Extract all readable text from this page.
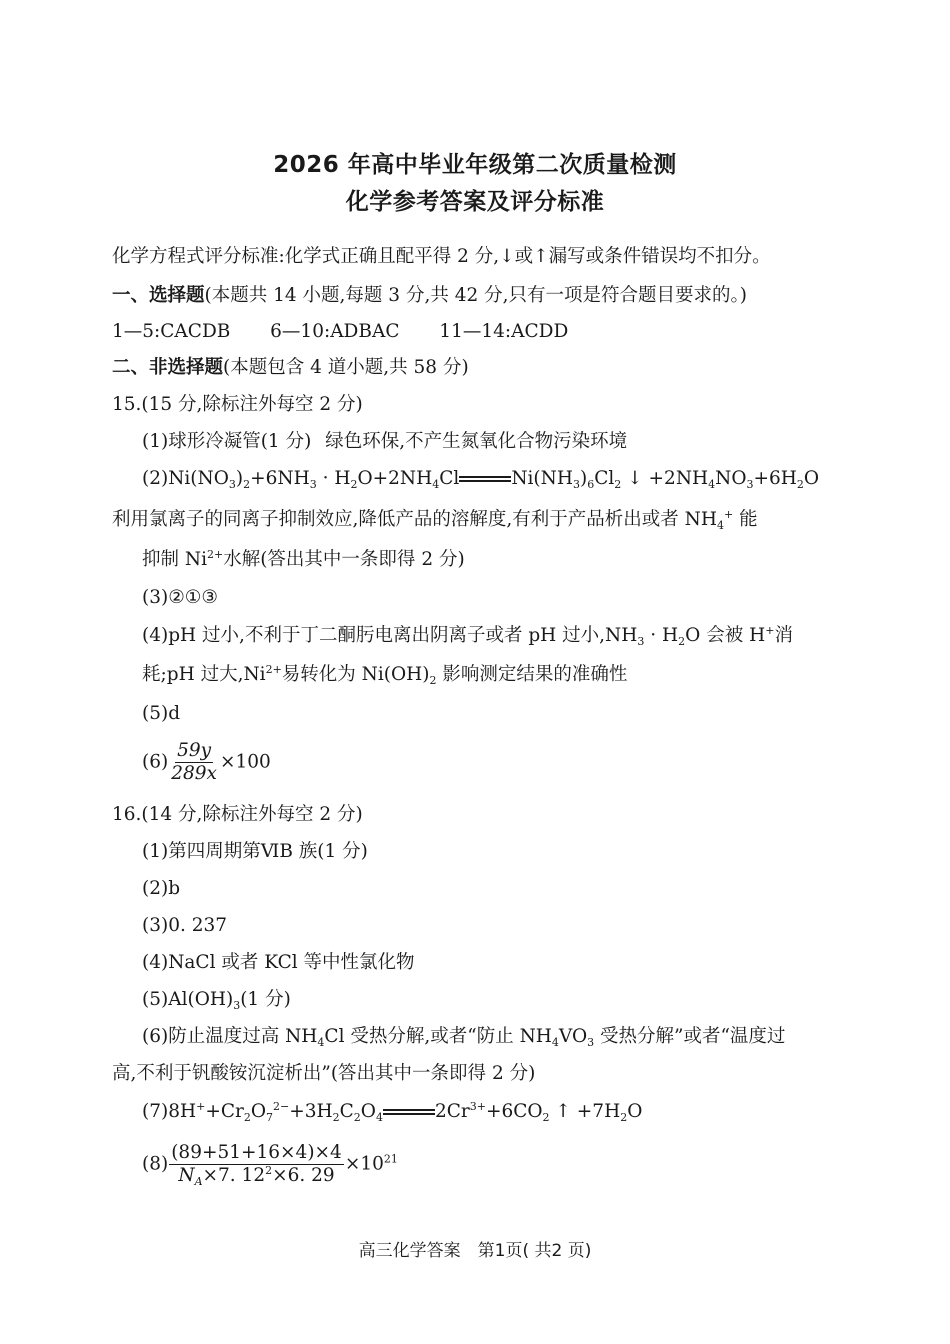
2026 年高中毕业年级第二次质量检测
化学参考答案及评分标准
化学方程式评分标准:化学式正确且配平得 2 分,↓或↑漏写或条件错误均不扣分。
一、选择题(本题共 14 小题,每题 3 分,共 42 分,只有一项是符合题目要求的。)
1—5:CACDB 6—10:ADBAC 11—14:ACDD
二、非选择题(本题包含 4 道小题,共 58 分)
15.(15 分,除标注外每空 2 分)
(1)球形冷凝管(1 分) 绿色环保,不产生氮氧化合物污染环境
$(2)Ni(NO_3)_2+6NH_3 \cdot H_2O+2NH_4Cl$	$Ni(NH_3)_6Cl_2$ ↓ $+2NH_4NO_3+6H_2O$
利用氯离子的同离子抑制效应,降低产品的溶解度,有利于产品析出或者 $NH_4^+$ 能
抑制 $Ni^{2+}$水解(答出其中一条即得 2 分)
(3)②①③
(4)pH 过小,不利于丁二酮肟电离出阴离子或者 pH 过小$,NH_3 \cdot H_2O$ 会被 H+消
耗;pH 过大$,Ni^{2+}$易转化为 $Ni(OH)_2$ 影响测定结果的准确性
(5)d
$(6) \frac{59y}{289x} \times 100$
16.(14 分,除标注外每空 2 分)
(1)第四周期第ⅥB 族(1 分)
(2)b
(3)0. 237
(4)NaCl 或者 KCl 等中性氯化物
$(5)Al(OH)_3(1$ 分)
(6)防止温度过高 $NH_4Cl$ 受热分解,或者“防止 $NH_4VO_3$ 受热分解”或者“温度过
高,不利于钒酸铵沉淀析出”(答出其中一条即得 2 分)
$(7)8H^++Cr_2O_7^{2-}+3H_2C_2O_4$	$2Cr^{3+}+6CO_2$ ↑ $+7H_2O$
$(8) \frac{(89+51+16\times 4)\times 4}{N_A\times 7. 12^2\times 6. 29} \times 10^{21}$
高三化学答案　第1页( 共2 页)
